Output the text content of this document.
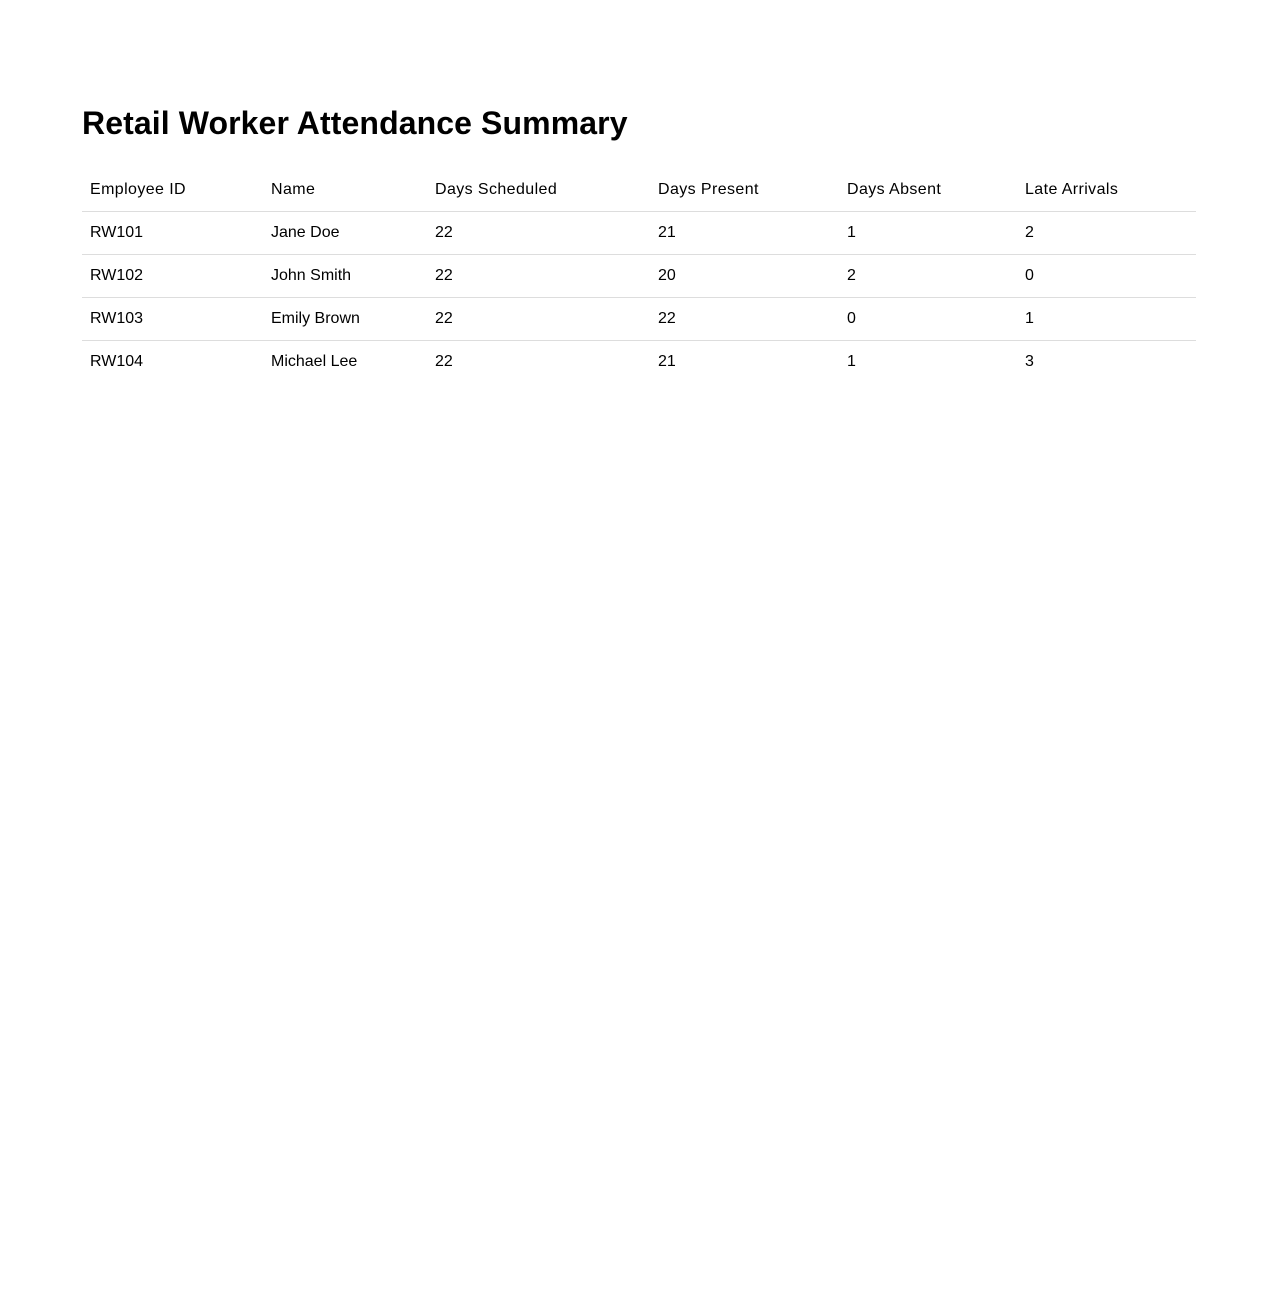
Retail Worker Attendance Summary
Employee ID	Name	Days Scheduled	Days Present	Days Absent	Late Arrivals
RW101	Jane Doe	22	21	1	2
RW102	John Smith	22	20	2	0
RW103	Emily Brown	22	22	0	1
RW104	Michael Lee	22	21	1	3
